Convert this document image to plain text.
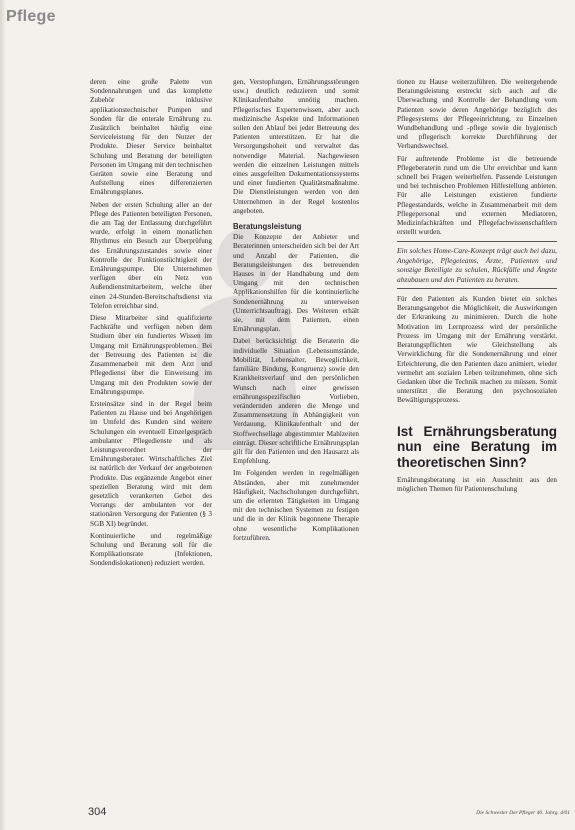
Pflege

deren eine große Palette von Sondennahrungen und das komplette Zubehör inklusive applikationstechnischer Pumpen und Sonden für die enterale Ernährung zu. Zusätzlich beinhaltet häufig eine Serviceleistung für den Nutzer der Produkte. Dieser Service beinhaltet Schulung und Beratung der beteiligten Personen im Umgang mit den technischen Geräten sowie eine Beratung und Aufstellung eines differenzierten Ernährungsplanes.

Neben der ersten Schulung aller an der Pflege des Patienten beteiligten Personen, die am Tag der Entlassung durchgeführt wurde, erfolgt in einem monatlichen Rhythmus ein Besuch zur Überprüfung des Ernährungszustandes sowie einer Kontrolle der Funktionstüchtigkeit der Ernährungspumpe. Die Unternehmen verfügen über ein Netz von Außendienstmitarbeitern, welche über einen 24-Stunden-Bereitschaftsdienst via Telefon erreichbar sind.

Diese Mitarbeiter sind qualifizierte Fachkräfte und verfügen neben dem Studium über ein fundiertes Wissen im Umgang mit Ernährungsproblemen. Bei der Betreuung des Patienten ist die Zusammenarbeit mit dem Arzt und Pflegedienst über die Einweisung im Umgang mit den Produkten sowie der Ernährungspumpe.

Ersteinsätze sind in der Regel beim Patienten zu Hause und bei Angehörigen im Umfeld des Kunden sind weitere Schulungen ein eventuell Einzelgespräch ambulanter Pflegedienste und als Leistungsverordnet der Ernährungsberater. Wirtschaftliches Ziel ist natürlich der Verkauf der angebotenen Produkte. Das ergänzende Angebot einer speziellen Beratung wird mit dem gesetzlich verankerten Gebot des Vorrangs der ambulanten vor der stationären Versorgung der Patienten (§ 3 SGB XI) begründet.

Kontinuierliche und regelmäßige Schulung und Beratung soll für die Komplikationsrate (Infektionen, Sondendislokationen) reduziert werden.

gen, Verstopfungen, Ernährungsstörungen usw.) deutlich reduzieren und somit Klinikaufenthalte unnötig machen. Pflegerisches Expertenwissen, aber auch medizinische Aspekte und Informationen sollen den Ablauf bei jeder Betreuung des Patienten unterstützen. Er hat die Versorgungshoheit und verwaltet das notwendige Material. Nachgewiesen werden die einzelnen Leistungen mittels eines ausgefeilten Dokumentationssystems und einer fundierten Qualitätsmaßnahme. Die Dienstleistungen werden von den Unternehmen in der Regel kostenlos angeboten.

Beratungsleistung

Die Konzepte der Anbieter und Beraterinnen unterscheiden sich bei der Art und Anzahl der Patienten, die Beratungsleistungen des betreuenden Hauses in der Handhabung und dem Umgang mit den technischen Applikationshilfen für die kontinuierliche Sondenernährung zu unterweisen (Unterrichtsauftrag). Des Weiteren erhält sie, mit dem Patienten, einen Ernährungsplan.

Dabei berücksichtigt die Beraterin die individuelle Situation (Lebensumstände, Mobilität, Lebensalter, Beweglichkeit, familiäre Bindung, Kongruenz) sowie den Krankheitsverlauf und den persönlichen Wunsch nach einer gewissen ernährungsspezifischen Vorlieben, verändernden anderen die Menge und Zusammensetzung in Abhängigkeit von Verdauung, Klinikaufenthalt und der Stoffwechsellage abgestimmter Mahlzeiten einträgt. Dieser schriftliche Ernährungsplan gilt für den Patienten und den Hausarzt als Empfehlung.

Im Folgenden werden in regelmäßigen Abständen, aber mit zunehmender Häufigkeit, Nachschulungen durchgeführt, um die erlernten Tätigkeiten im Umgang mit den technischen Systemen zu festigen und die in der Klinik begonnene Therapie ohne wesentliche Komplikationen fortzuführen.

tionen zu Hause weiterzuführen. Die weitergehende Beratungsleistung erstreckt sich auch auf die Überwachung und Kontrolle der Behandlung vom Patienten sowie deren Angehörige bezüglich des Pflegesystems der Pflegeeinrichtung, zu Einzelnen Wundbehandlung und -pflege sowie die hygienisch und pflegerisch korrekte Durchführung der Verbandswechsel.

Für auftretende Probleme ist die betreuende Pflegeberaterin rund um die Uhr erreichbar und kann schnell bei Fragen weiterhelfen. Passende Leistungen und bei technischen Problemen Hilfestellung anbieten. Für alle Leistungen existieren fundierte Pflegestandards, welche in Zusammenarbeit mit dem Pflegepersonal und externen Mediatoren, Medizinfachkräften und Pflegefachwissenschaftlern erstellt wurden.

Ein solches Home-Care-Konzept trägt auch bei dazu, Angehörige, Pflegeteams, Ärzte, Patienten und sonstige Beteiligte zu schulen, Rückfälle und Ängste abzubauen und den Patienten zu beraten.

Für den Patienten als Kunden bietet ein solches Beratungsangebot die Möglichkeit, die Auswirkungen der Erkrankung zu minimieren. Durch die hohe Motivation im Lernprozess wird der persönliche Prozess im Umgang mit der Ernährung verstärkt. Beratungspflichten wie Gleichstellung als Verwirklichung für die Sondenernährung und einer Erleichterung, die den Patienten dazu animiert, wieder vermehrt am sozialen Leben teilzunehmen, ohne sich Gedanken über die Technik machen zu müssen. Somit unterstützt die Beratung den psychosozialen Bewältigungsprozess.

Ist Ernährungsberatung nun eine Beratung im theoretischen Sinn?

Ernährungsberatung ist ein Ausschnitt aus den möglichen Themen für Patientenschulung

304	Die Schwester Der Pfleger 40. Jahrg. 4/01
